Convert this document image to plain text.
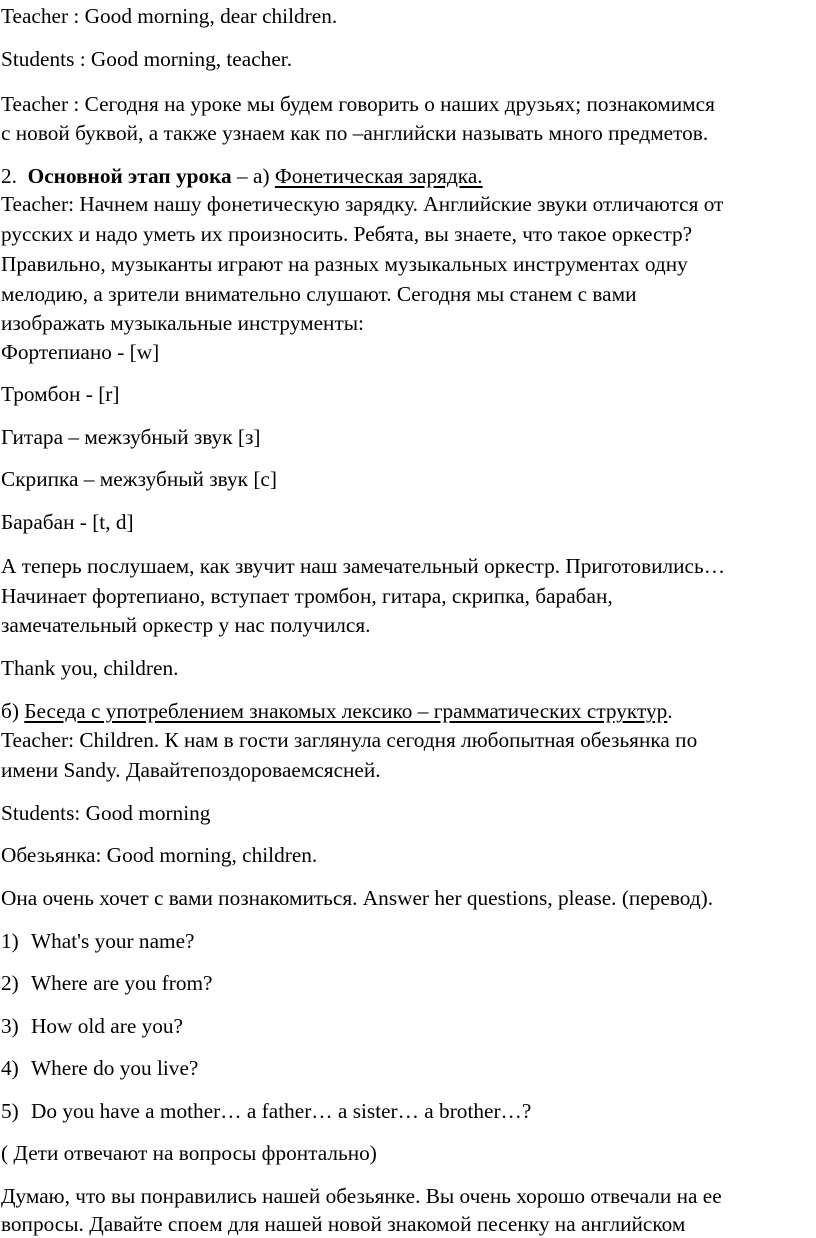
Teacher : Good morning, dear children.
Students : Good morning, teacher.
Teacher : Сегодня на уроке мы будем говорить о наших друзьях; познакомимся
с новой буквой, а также узнаем как по –английски называть много предметов.
2. Основной этап урока – а) Фонетическая зарядка.
Teacher: Начнем нашу фонетическую зарядку. Английские звуки отличаются от
русских и надо уметь их произносить. Ребята, вы знаете, что такое оркестр?
Правильно, музыканты играют на разных музыкальных инструментах одну
мелодию, а зрители внимательно слушают. Сегодня мы станем с вами
изображать музыкальные инструменты:
Фортепиано - [w]
Тромбон - [r]
Гитара – межзубный звук [з]
Скрипка – межзубный звук [с]
Барабан - [t, d]
А теперь послушаем, как звучит наш замечательный оркестр. Приготовились…
Начинает фортепиано, вступает тромбон, гитара, скрипка, барабан,
замечательный оркестр у нас получился.
Thank you, children.
б) Беседа с употреблением знакомых лексико – грамматических структур.
Teacher: Children. К нам в гости заглянула сегодня любопытная обезьянка по
имени Sandy. Давайтепоздороваемсясней.
Students: Good morning
Обезьянка: Good morning, children.
Она очень хочет с вами познакомиться. Answer her questions, please. (перевод).
1) What's your name?
2) Where are you from?
3) How old are you?
4) Where do you live?
5) Do you have a mother… a father… a sister… a brother…?
( Дети отвечают на вопросы фронтально)
Думаю, что вы понравились нашей обезьянке. Вы очень хорошо отвечали на ее
вопросы. Давайте споем для нашей новой знакомой песенку на английском
